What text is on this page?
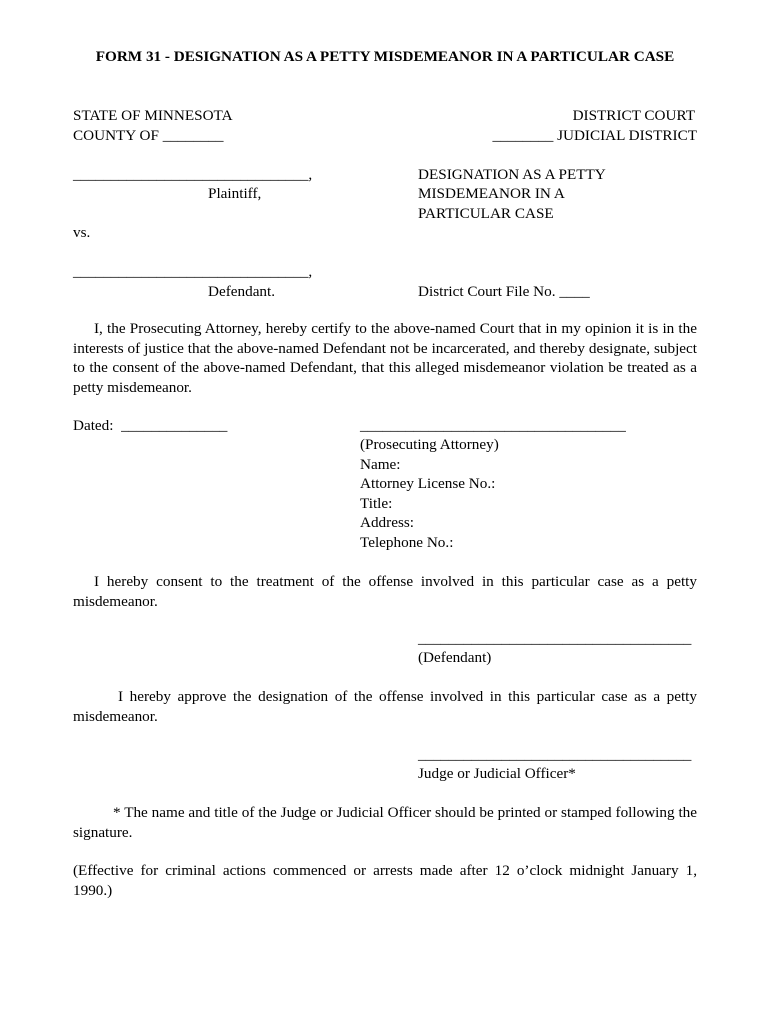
FORM 31 - DESIGNATION AS A PETTY MISDEMEANOR IN A PARTICULAR CASE
STATE OF MINNESOTA
COUNTY OF ________
DISTRICT COURT
________ JUDICIAL DISTRICT
_______________________________,
Plaintiff,
vs.
_______________________________,
Defendant.
DESIGNATION AS A PETTY
MISDEMEANOR IN A
PARTICULAR CASE
District Court File No. ____
I, the Prosecuting Attorney, hereby certify to the above-named Court that in my opinion it is in the interests of justice that the above-named Defendant not be incarcerated, and thereby designate, subject to the consent of the above-named Defendant, that this alleged misdemeanor violation be treated as a petty misdemeanor.
Dated:  ______________	___________________________________
(Prosecuting Attorney)
Name:
Attorney License No.:
Title:
Address:
Telephone No.:
I hereby consent to the treatment of the offense involved in this particular case as a petty misdemeanor.
____________________________________
(Defendant)
I hereby approve the designation of the offense involved in this particular case as a petty misdemeanor.
____________________________________
Judge or Judicial Officer*
* The name and title of the Judge or Judicial Officer should be printed or stamped following the signature.
(Effective for criminal actions commenced or arrests made after 12 o’clock midnight January 1, 1990.)
